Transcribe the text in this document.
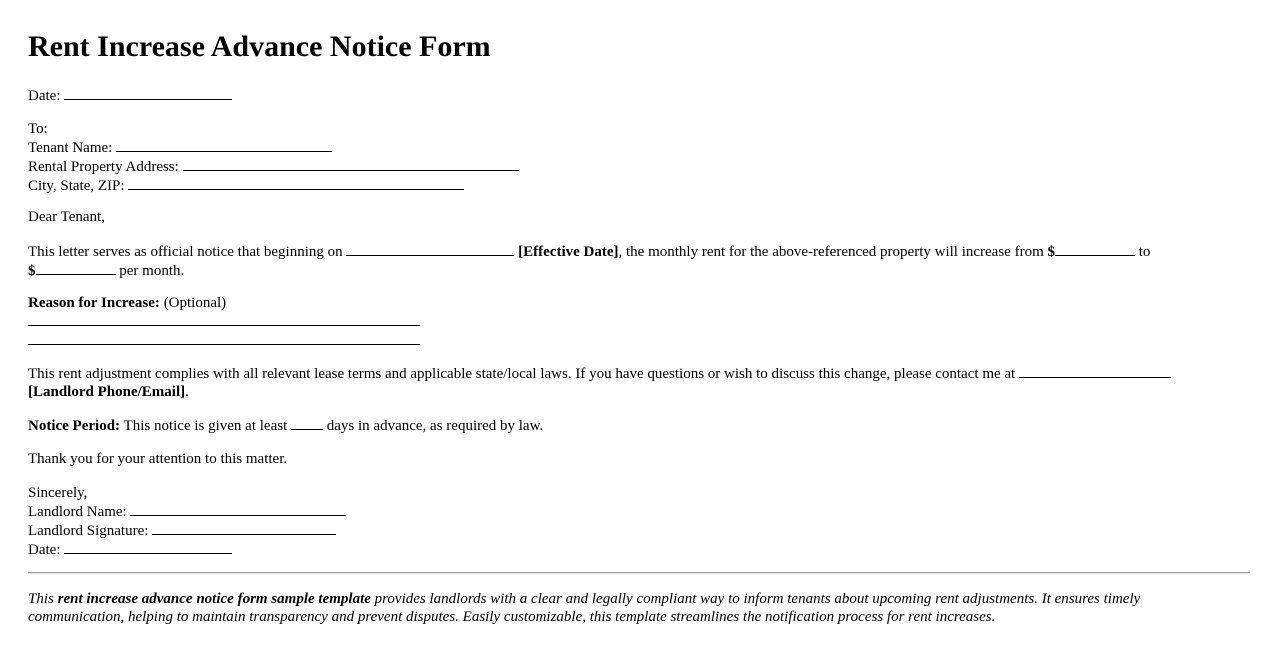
Rent Increase Advance Notice Form
Date:
To:
Tenant Name:
Rental Property Address:
City, State, ZIP:

Dear Tenant,

This letter serves as official notice that beginning on	[Effective Date], the monthly rent for the above-referenced property will increase from $	to
$	per month.
Reason for Increase: (Optional)
This rent adjustment complies with all relevant lease terms and applicable state/local laws. If you have questions or wish to discuss this change, please contact me at
[Landlord Phone/Email].
Notice Period: This notice is given at least	days in advance, as required by law.

Thank you for your attention to this matter.

Sincerely,
Landlord Name:
Landlord Signature:
Date:

This rent increase advance notice form sample template provides landlords with a clear and legally compliant way to inform tenants about upcoming rent adjustments. It ensures timely communication, helping to maintain transparency and prevent disputes. Easily customizable, this template streamlines the notification process for rent increases.
